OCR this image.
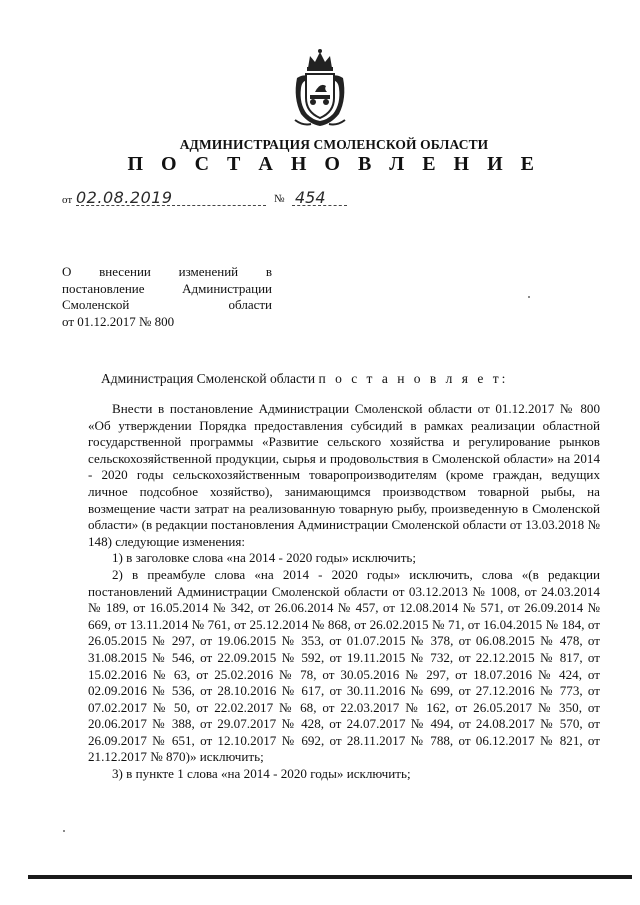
АДМИНИСТРАЦИЯ СМОЛЕНСКОЙ ОБЛАСТИ
П О С Т А Н О В Л Е Н И Е
от 02.08.2019	№ 454
О внесении изменений в
постановление Администрации
Смоленской области
от 01.12.2017 № 800
Администрация Смоленской области п о с т а н о в л я е т:

Внести в постановление Администрации Смоленской области от 01.12.2017 № 800 «Об утверждении Порядка предоставления субсидий в рамках реализации областной государственной программы «Развитие сельского хозяйства и регулирование рынков сельскохозяйственной продукции, сырья и продовольствия в Смоленской области» на 2014 - 2020 годы сельскохозяйственным товаропроизводителям (кроме граждан, ведущих личное подсобное хозяйство), занимающимся производством товарной рыбы, на возмещение части затрат на реализованную товарную рыбу, произведенную в Смоленской области» (в редакции постановления Администрации Смоленской области от 13.03.2018 № 148) следующие изменения:

1) в заголовке слова «на 2014 - 2020 годы» исключить;

2) в преамбуле слова «на 2014 - 2020 годы» исключить, слова «(в редакции постановлений Администрации Смоленской области от 03.12.2013 № 1008, от 24.03.2014 № 189, от 16.05.2014 № 342, от 26.06.2014 № 457, от 12.08.2014 № 571, от 26.09.2014 № 669, от 13.11.2014 № 761, от 25.12.2014 № 868, от 26.02.2015 № 71, от 16.04.2015 № 184, от 26.05.2015 № 297, от 19.06.2015 № 353, от 01.07.2015 № 378, от 06.08.2015 № 478, от 31.08.2015 № 546, от 22.09.2015 № 592, от 19.11.2015 № 732, от 22.12.2015 № 817, от 15.02.2016 № 63, от 25.02.2016 № 78, от 30.05.2016 № 297, от 18.07.2016 № 424, от 02.09.2016 № 536, от 28.10.2016 № 617, от 30.11.2016 № 699, от 27.12.2016 № 773, от 07.02.2017 № 50, от 22.02.2017 № 68, от 22.03.2017 № 162, от 26.05.2017 № 350, от 20.06.2017 № 388, от 29.07.2017 № 428, от 24.07.2017 № 494, от 24.08.2017 № 570, от 26.09.2017 № 651, от 12.10.2017 № 692, от 28.11.2017 № 788, от 06.12.2017 № 821, от 21.12.2017 № 870)» исключить;

3) в пункте 1 слова «на 2014 - 2020 годы» исключить;
